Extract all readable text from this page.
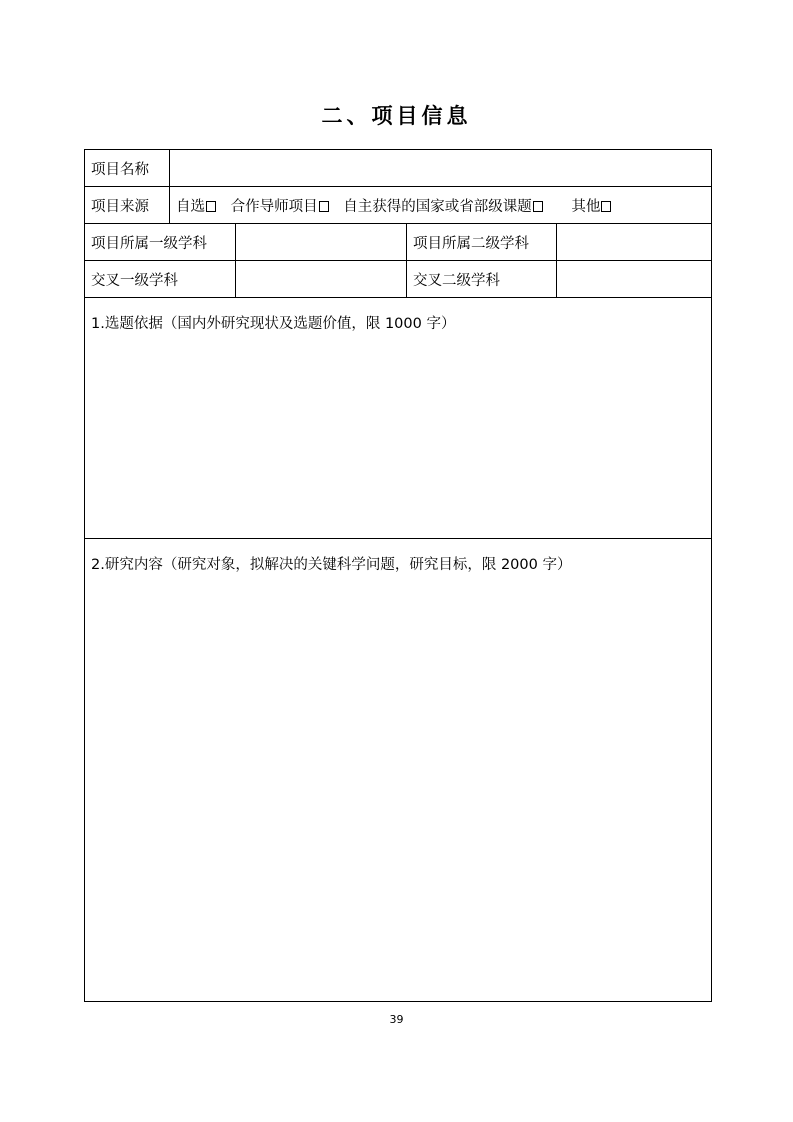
二、项目信息
项目名称				
项目来源	自选 合作导师项目 自主获得的国家或省部级课题 其他			
项目所属一级学科			项目所属二级学科	
交叉一级学科			交叉二级学科	
1.选题依据（国内外研究现状及选题价值，限 1000 字）				
2.研究内容（研究对象，拟解决的关键科学问题，研究目标，限 2000 字）				
39
